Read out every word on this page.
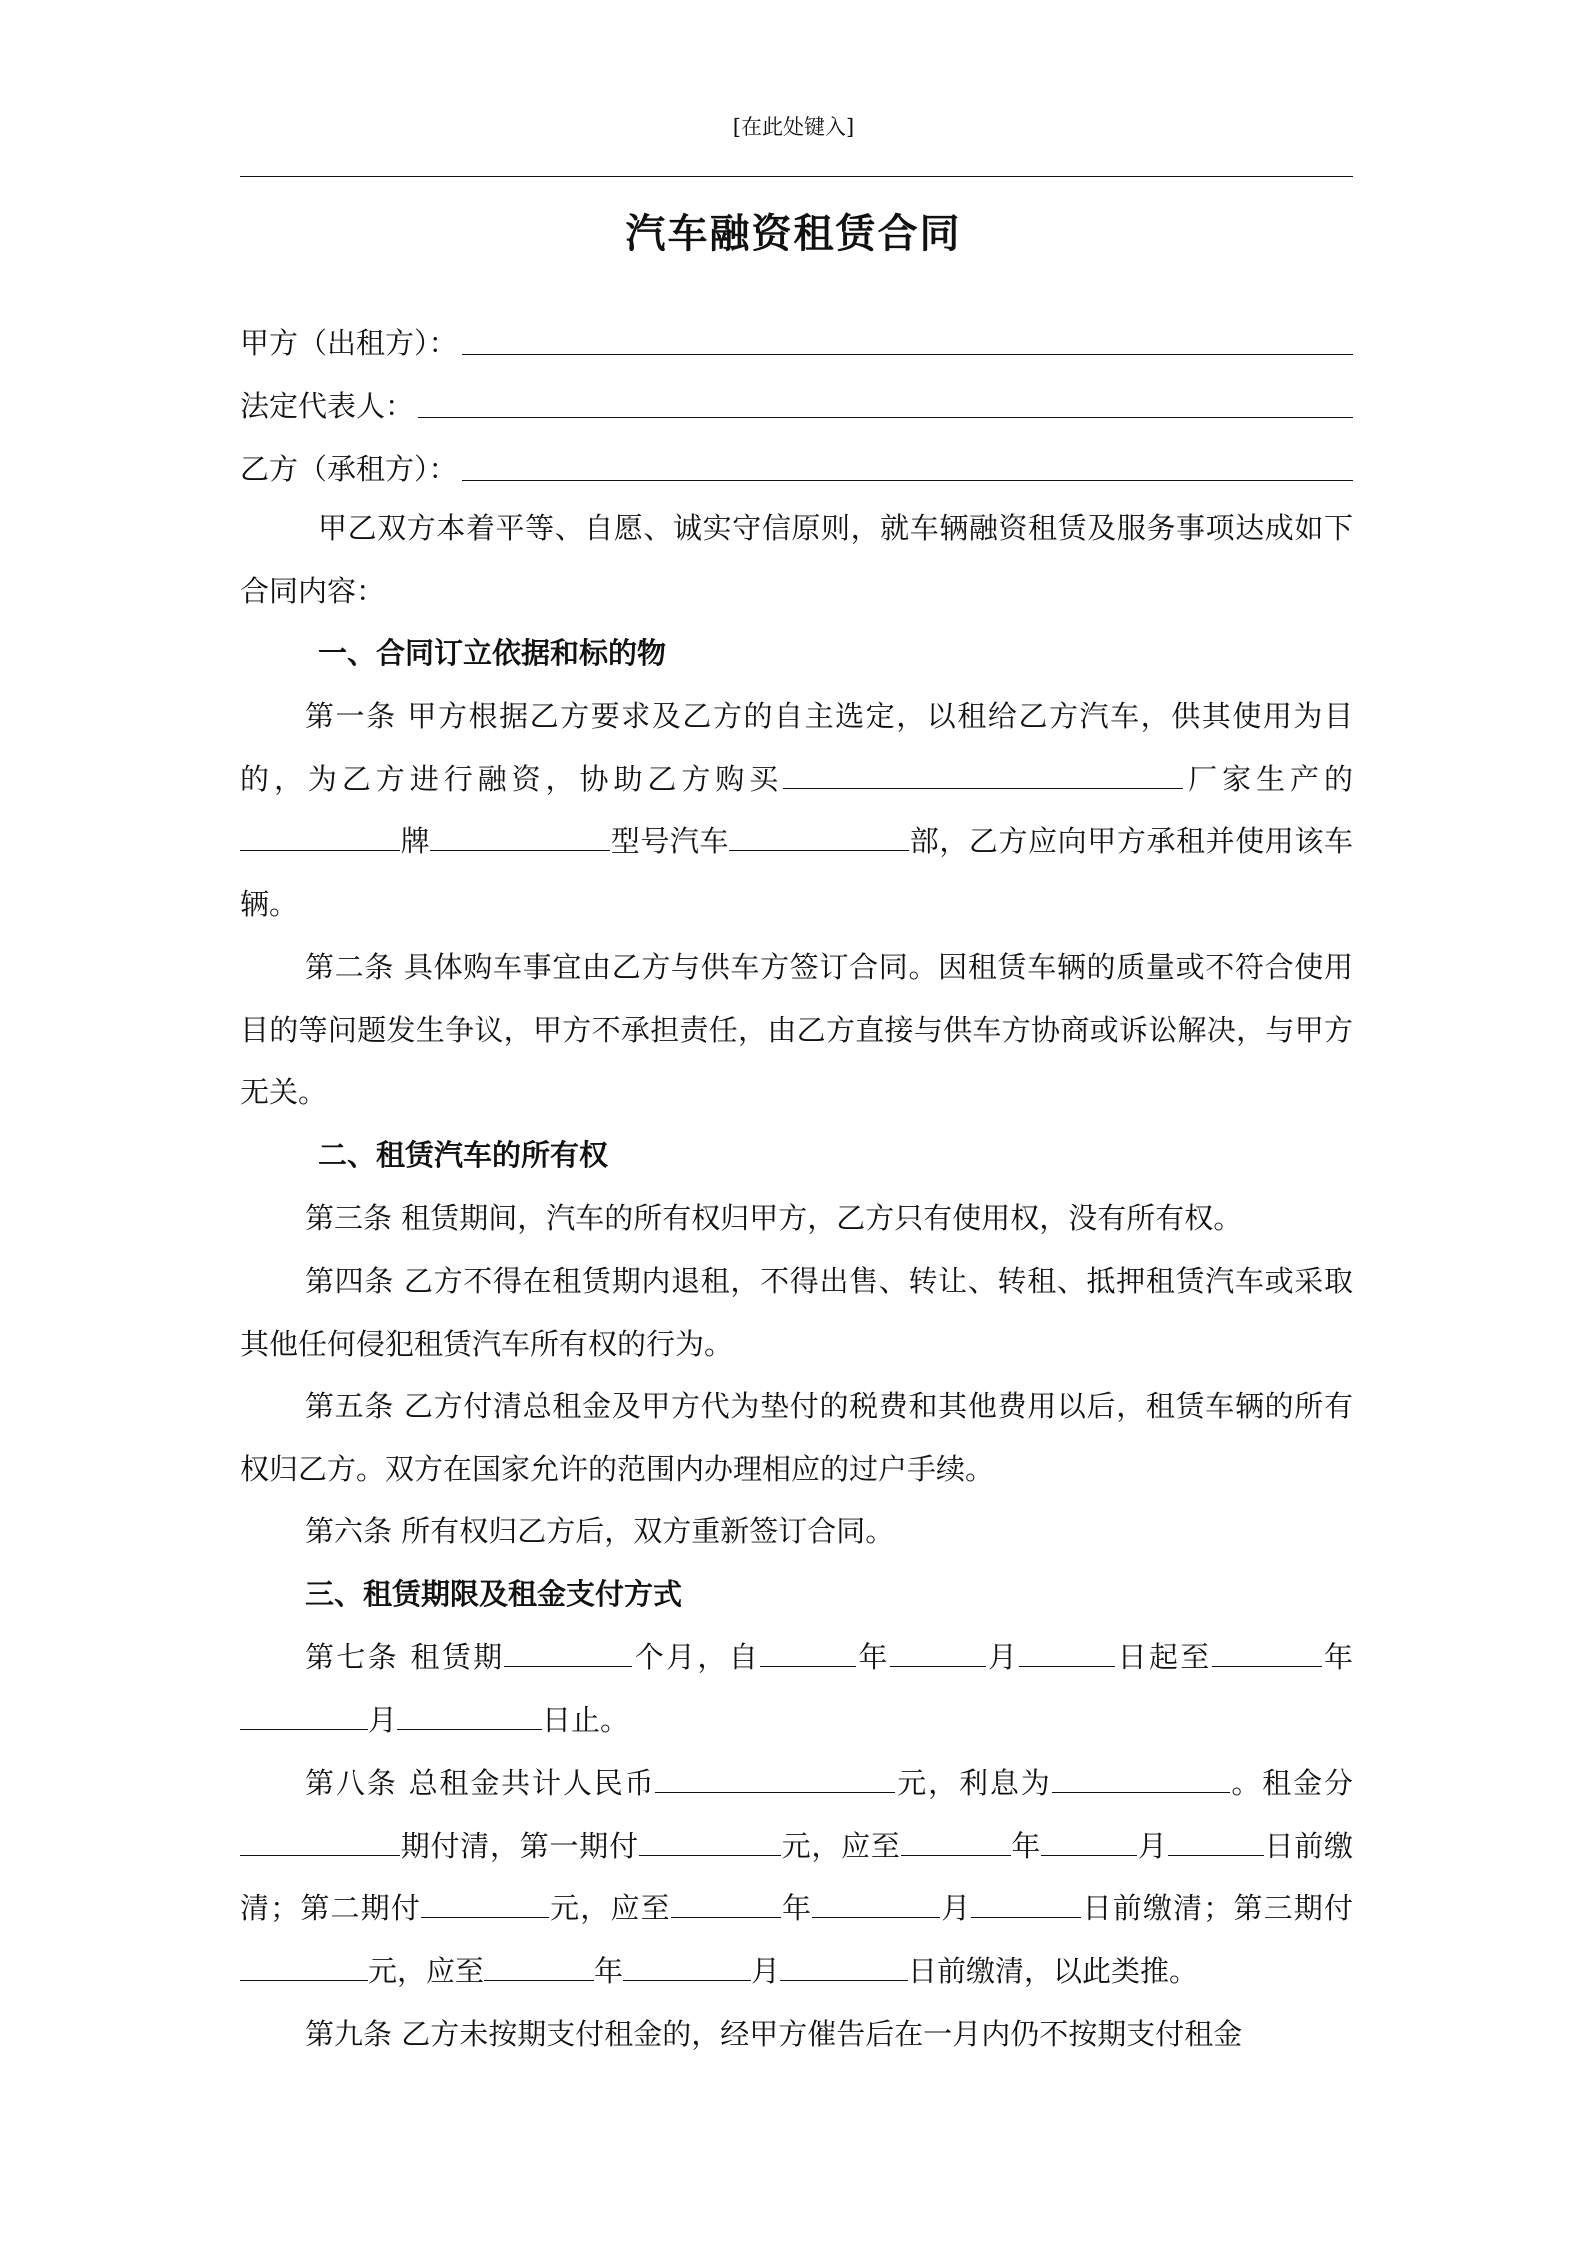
[在此处键入]
汽车融资租赁合同
甲方（出租方）：
法定代表人：
乙方（承租方）：
甲乙双方本着平等、自愿、诚实守信原则，就车辆融资租赁及服务事项达成如下合同内容：
一、合同订立依据和标的物
第一条 甲方根据乙方要求及乙方的自主选定，以租给乙方汽车，供其使用为目的，为乙方进行融资，协助乙方购买	厂家生产的牌	型号汽车	部，乙方应向甲方承租并使用该车辆。
第二条 具体购车事宜由乙方与供车方签订合同。因租赁车辆的质量或不符合使用目的等问题发生争议，甲方不承担责任，由乙方直接与供车方协商或诉讼解决，与甲方无关。
二、租赁汽车的所有权
第三条 租赁期间，汽车的所有权归甲方，乙方只有使用权，没有所有权。
第四条 乙方不得在租赁期内退租，不得出售、转让、转租、抵押租赁汽车或采取其他任何侵犯租赁汽车所有权的行为。
第五条 乙方付清总租金及甲方代为垫付的税费和其他费用以后，租赁车辆的所有权归乙方。双方在国家允许的范围内办理相应的过户手续。
第六条 所有权归乙方后，双方重新签订合同。
三、租赁期限及租金支付方式
第七条 租赁期	个月，自	年	月	日起至	年月	日止。
第八条 总租金共计人民币	元，利息为	。租金分期付清，第一期付	元，应至	年	月	日前缴清；第二期付	元，应至	年	月	日前缴清；第三期付元，应至	年	月	日前缴清，以此类推。
第九条 乙方未按期支付租金的，经甲方催告后在一月内仍不按期支付租金
